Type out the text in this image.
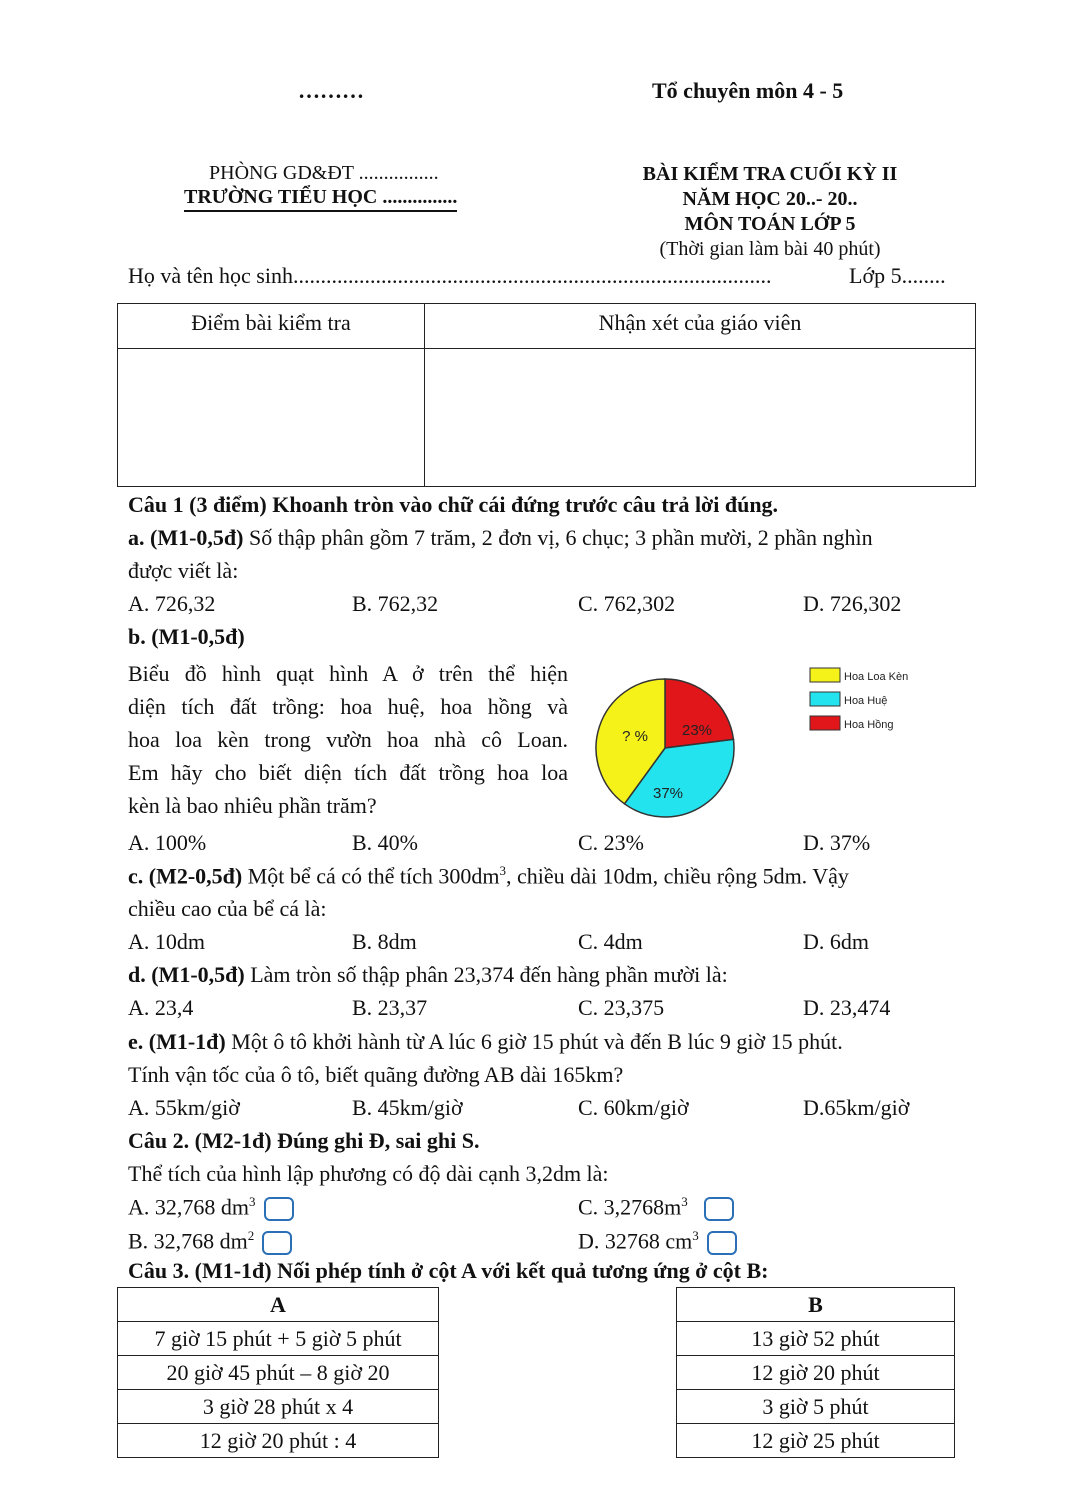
………	Tổ chuyên môn 4 - 5
PHÒNG GD&ĐT ................
TRƯỜNG TIỂU HỌC ...............
BÀI KIỂM TRA CUỐI KỲ II
NĂM HỌC 20..- 20..
MÔN TOÁN LỚP 5
(Thời gian làm bài 40 phút)
Họ và tên học sinh.......................................................................................	Lớp 5........
Điểm bài kiểm tra	Nhận xét của giáo viên

Câu 1 (3 điểm) Khoanh tròn vào chữ cái đứng trước câu trả lời đúng.
a. (M1-0,5đ) Số thập phân gồm 7 trăm, 2 đơn vị, 6 chục; 3 phần mười, 2 phần nghìn
được viết là:
A. 726,32	B. 762,32	C. 762,302	D. 726,302
b. (M1-0,5đ)
Biểu đồ hình quạt hình A ở trên thể hiện
diện tích đất trồng: hoa huệ, hoa hồng và
hoa loa kèn trong vườn hoa nhà cô Loan.
Em hãy cho biết diện tích đất trồng hoa loa
kèn là bao nhiêu phần trăm?
23%
37%
? %
Hoa Loa Kèn
Hoa Huệ
Hoa Hồng
A. 100%	B. 40%	C. 23%	D. 37%
c. (M2-0,5đ) Một bể cá có thể tích $300dm^3$, chiều dài 10dm, chiều rộng 5dm. Vậy
chiều cao của bể cá là:
A. 10dm	B. 8dm	C. 4dm	D. 6dm
d. (M1-0,5đ) Làm tròn số thập phân 23,374 đến hàng phần mười là:
A. 23,4	B. 23,37	C. 23,375	D. 23,474
e. (M1-1đ) Một ô tô khởi hành từ A lúc 6 giờ 15 phút và đến B lúc 9 giờ 15 phút.
Tính vận tốc của ô tô, biết quãng đường AB dài 165km?
A. 55km/giờ	B. 45km/giờ	C. 60km/giờ	D.65km/giờ
Câu 2. (M2-1đ) Đúng ghi Đ, sai ghi S.
Thể tích của hình lập phương có độ dài cạnh 3,2dm là:
A. 32,768 $dm^3$	C. $3,2768m^3$
B. 32,768 $dm^2$	D. 32768 $cm^3$
Câu 3. (M1-1đ) Nối phép tính ở cột A với kết quả tương ứng ở cột B:
A
7 giờ 15 phút + 5 giờ 5 phút
20 giờ 45 phút – 8 giờ 20
3 giờ 28 phút x 4
12 giờ 20 phút : 4
B
13 giờ 52 phút
12 giờ 20 phút
3 giờ 5 phút
12 giờ 25 phút
